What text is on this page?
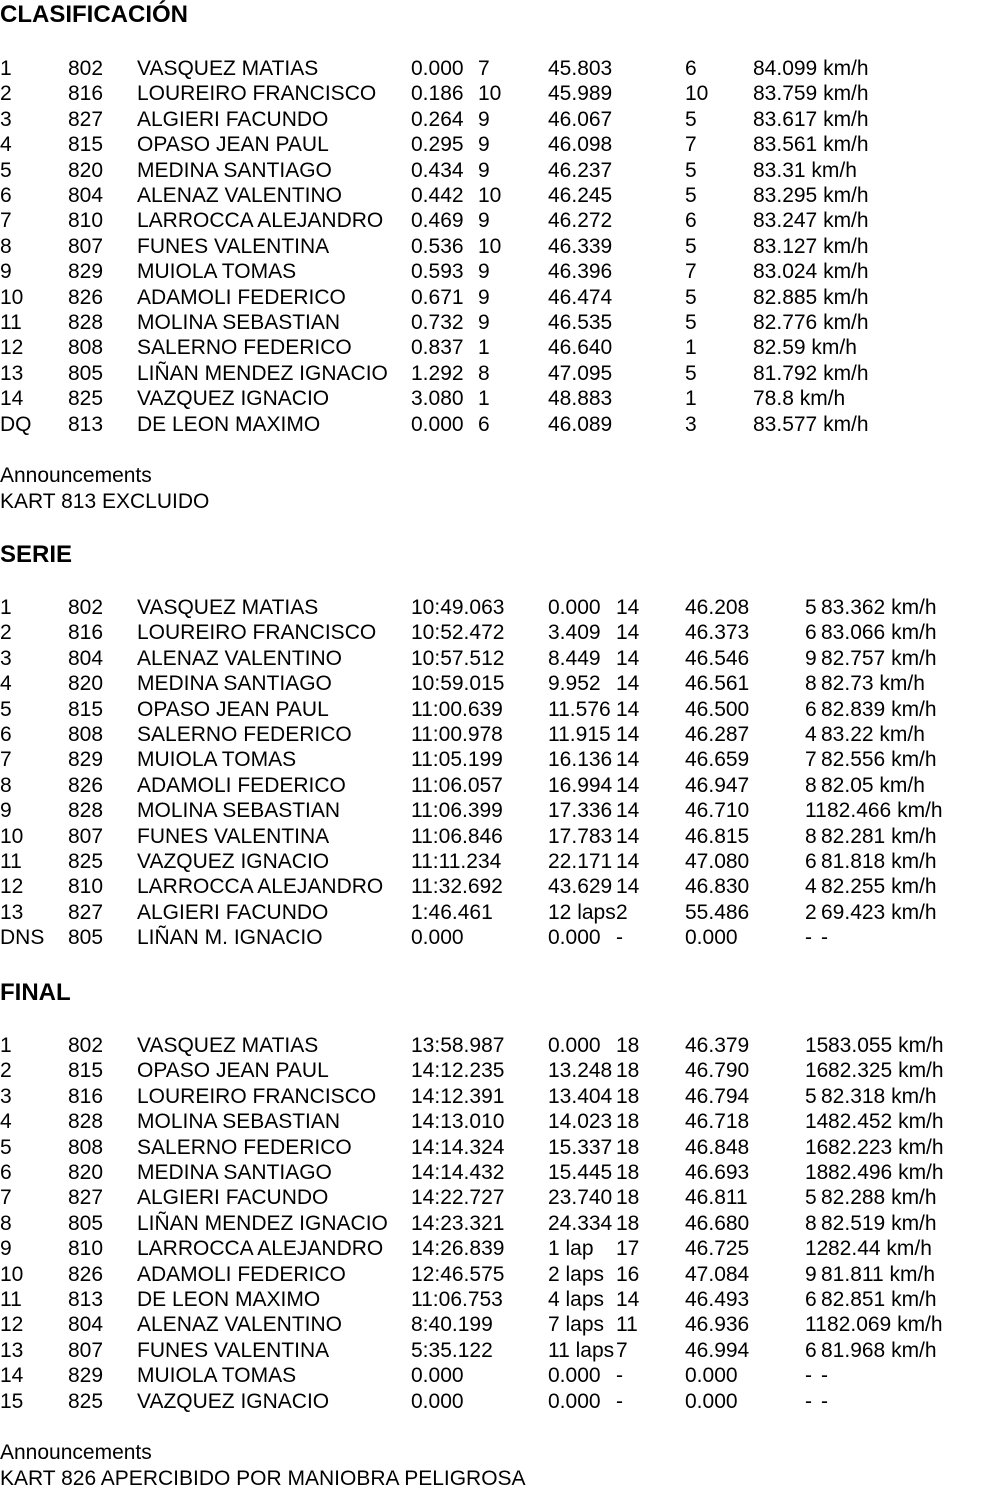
CLASIFICACIÓN
1	802 VASQUEZ MATIAS	0.000 7	45.803	6	84.099 km/h
2	816 LOUREIRO FRANCISCO 0.186 10 45.989	10 83.759 km/h
3	827 ALGIERI FACUNDO	0.264 9	46.067	5	83.617 km/h
4	815 OPASO JEAN PAUL	0.295 9	46.098	7	83.561 km/h
5	820 MEDINA SANTIAGO	0.434 9	46.237	5	83.31 km/h
6	804 ALENAZ VALENTINO	0.442 10 46.245	5	83.295 km/h
7	810 LARROCCA ALEJANDRO 0.469 9	46.272	6	83.247 km/h
8	807 FUNES VALENTINA	0.536 10 46.339	5	83.127 km/h
9	829 MUIOLA TOMAS	0.593 9	46.396	7	83.024 km/h
10 826 ADAMOLI FEDERICO	0.671 9	46.474	5	82.885 km/h
11 828 MOLINA SEBASTIAN	0.732 9	46.535	5	82.776 km/h
12 808 SALERNO FEDERICO	0.837 1	46.640	1	82.59 km/h
13 805 LIÑAN MENDEZ IGNACIO 1.292 8	47.095	5	81.792 km/h
14 825 VAZQUEZ IGNACIO	3.080 1	48.883	1	78.8 km/h
DQ 813 DE LEON MAXIMO	0.000 6	46.089	3	83.577 km/h
Announcements
KART 813 EXCLUIDO
SERIE
1	802 VASQUEZ MATIAS	10:49.063 0.000 14 46.208	5 83.362 km/h
2	816 LOUREIRO FRANCISCO 10:52.472 3.409 14 46.373	6 83.066 km/h
3	804 ALENAZ VALENTINO	10:57.512 8.449 14 46.546	9 82.757 km/h
4	820 MEDINA SANTIAGO	10:59.015 9.952 14 46.561	8 82.73 km/h
5	815 OPASO JEAN PAUL	11:00.639 11.576 14 46.500	6 82.839 km/h
6	808 SALERNO FEDERICO	11:00.978 11.915 14 46.287	4 83.22 km/h
7	829 MUIOLA TOMAS	11:05.199 16.136 14 46.659	7 82.556 km/h
8	826 ADAMOLI FEDERICO	11:06.057 16.994 14 46.947	8 82.05 km/h
9	828 MOLINA SEBASTIAN	11:06.399 17.336 14 46.710	11 82.466 km/h
10 807 FUNES VALENTINA	11:06.846 17.783 14 46.815	8 82.281 km/h
11 825 VAZQUEZ IGNACIO	11:11.234 22.171 14 47.080	6 81.818 km/h
12 810 LARROCCA ALEJANDRO 11:32.692 43.629 14 46.830	4 82.255 km/h
13 827 ALGIERI FACUNDO	1:46.461	12 laps 2	55.486	2 69.423 km/h
DNS 805 LIÑAN M. IGNACIO	0.000	0.000 -	0.000	- -
FINAL
1	802 VASQUEZ MATIAS	13:58.987 0.000 18 46.379	15 83.055 km/h
2	815 OPASO JEAN PAUL	14:12.235 13.248 18 46.790	16 82.325 km/h
3	816 LOUREIRO FRANCISCO 14:12.391 13.404 18 46.794	5 82.318 km/h
4	828 MOLINA SEBASTIAN	14:13.010 14.023 18 46.718	14 82.452 km/h
5	808 SALERNO FEDERICO	14:14.324 15.337 18 46.848	16 82.223 km/h
6	820 MEDINA SANTIAGO	14:14.432 15.445 18 46.693	18 82.496 km/h
7	827 ALGIERI FACUNDO	14:22.727 23.740 18 46.811	5 82.288 km/h
8	805 LIÑAN MENDEZ IGNACIO 14:23.321 24.334 18 46.680	8 82.519 km/h
9	810 LARROCCA ALEJANDRO 14:26.839 1 lap 17 46.725	12 82.44 km/h
10 826 ADAMOLI FEDERICO	12:46.575 2 laps 16 47.084	9 81.811 km/h
11 813 DE LEON MAXIMO	11:06.753 4 laps 14 46.493	6 82.851 km/h
12 804 ALENAZ VALENTINO	8:40.199	7 laps 11 46.936	11 82.069 km/h
13 807 FUNES VALENTINA	5:35.122	11 laps 7	46.994	6 81.968 km/h
14 829 MUIOLA TOMAS	0.000	0.000 -	0.000	- -
15 825 VAZQUEZ IGNACIO	0.000	0.000 -	0.000	- -
Announcements
KART 826 APERCIBIDO POR MANIOBRA PELIGROSA
